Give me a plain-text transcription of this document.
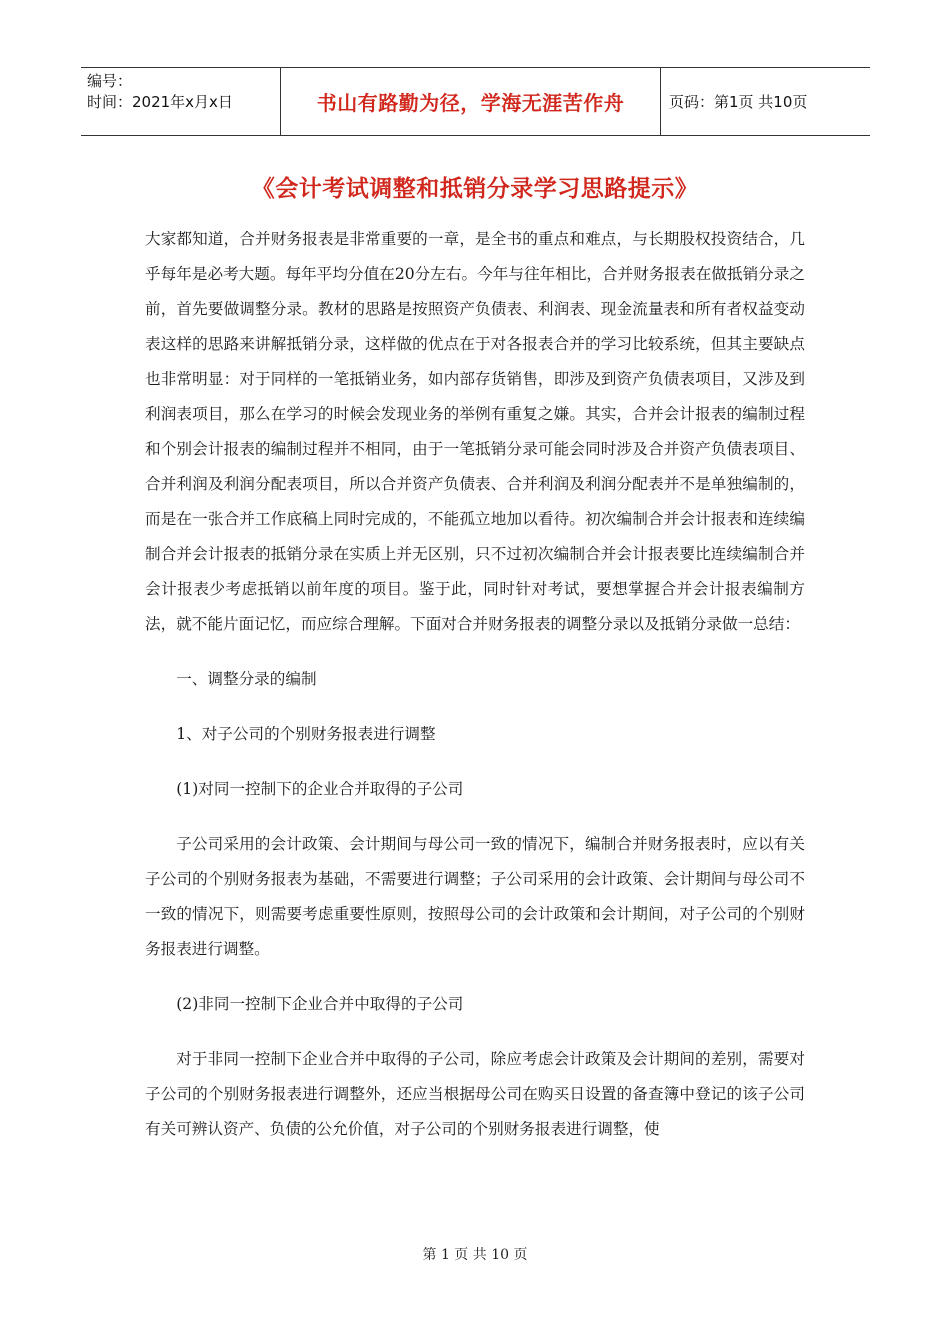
编号：
时间：2021年x月x日	书山有路勤为径，学海无涯苦作舟	页码：第1页 共10页
《会计考试调整和抵销分录学习思路提示》

大家都知道，合并财务报表是非常重要的一章，是全书的重点和难点，与长期股权投资结合，几乎每年是必考大题。每年平均分值在20分左右。今年与往年相比，合并财务报表在做抵销分录之前，首先要做调整分录。教材的思路是按照资产负债表、利润表、现金流量表和所有者权益变动表这样的思路来讲解抵销分录，这样做的优点在于对各报表合并的学习比较系统，但其主要缺点也非常明显：对于同样的一笔抵销业务，如内部存货销售，即涉及到资产负债表项目，又涉及到利润表项目，那么在学习的时候会发现业务的举例有重复之嫌。其实，合并会计报表的编制过程和个别会计报表的编制过程并不相同，由于一笔抵销分录可能会同时涉及合并资产负债表项目、合并利润及利润分配表项目，所以合并资产负债表、合并利润及利润分配表并不是单独编制的，而是在一张合并工作底稿上同时完成的，不能孤立地加以看待。初次编制合并会计报表和连续编制合并会计报表的抵销分录在实质上并无区别，只不过初次编制合并会计报表要比连续编制合并会计报表少考虑抵销以前年度的项目。鉴于此，同时针对考试，要想掌握合并会计报表编制方法，就不能片面记忆，而应综合理解。下面对合并财务报表的调整分录以及抵销分录做一总结：

一、调整分录的编制

1、对子公司的个别财务报表进行调整

(1)对同一控制下的企业合并取得的子公司

子公司采用的会计政策、会计期间与母公司一致的情况下，编制合并财务报表时，应以有关子公司的个别财务报表为基础，不需要进行调整；子公司采用的会计政策、会计期间与母公司不一致的情况下，则需要考虑重要性原则，按照母公司的会计政策和会计期间，对子公司的个别财务报表进行调整。

(2)非同一控制下企业合并中取得的子公司

对于非同一控制下企业合并中取得的子公司，除应考虑会计政策及会计期间的差别，需要对子公司的个别财务报表进行调整外，还应当根据母公司在购买日设置的备查簿中登记的该子公司有关可辨认资产、负债的公允价值，对子公司的个别财务报表进行调整，使

第 1 页 共 10 页
